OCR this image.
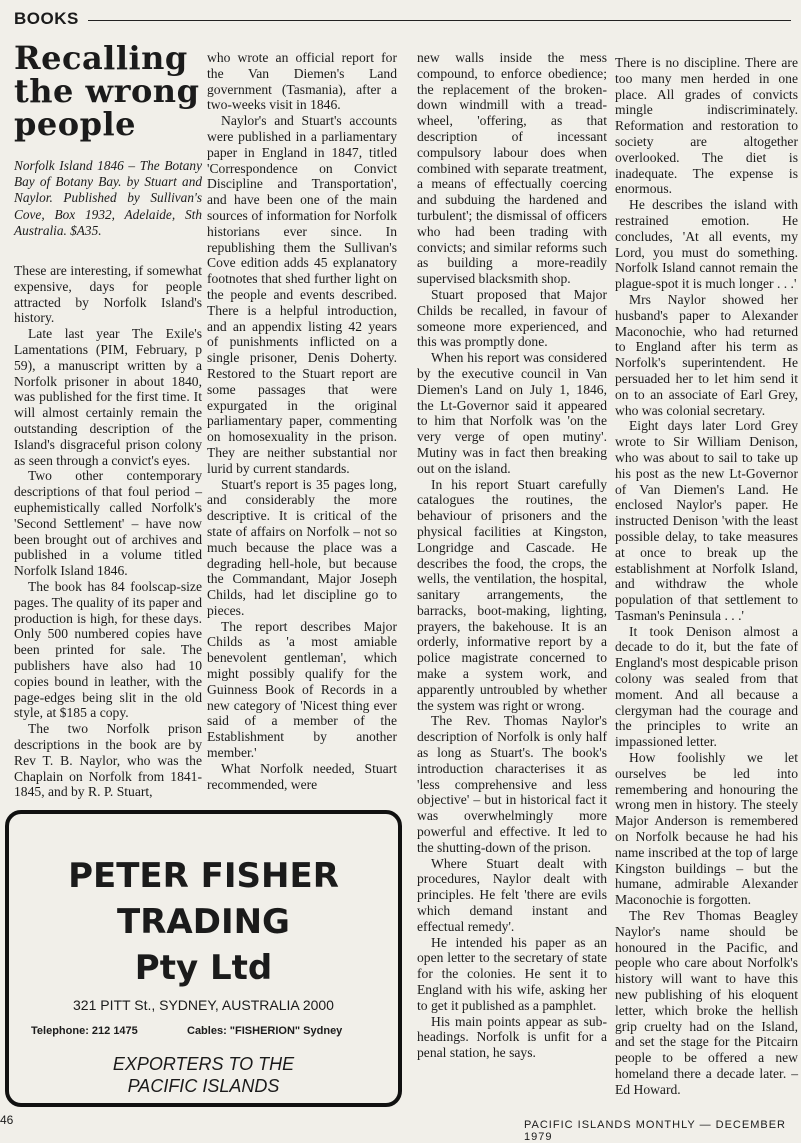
BOOKS
Recalling
the wrong
people
Norfolk Island 1846 – The Botany Bay of Botany Bay. by Stuart and Naylor. Published by Sullivan's Cove, Box 1932, Adelaide, Sth Australia. $A35.

These are interesting, if somewhat expensive, days for people attracted by Norfolk Island's history.

Late last year The Exile's Lamentations (PIM, February, p 59), a manuscript written by a Norfolk prisoner in about 1840, was published for the first time. It will almost certainly remain the outstanding description of the Island's disgraceful prison colony as seen through a convict's eyes.

Two other contemporary descriptions of that foul period – euphemistically called Norfolk's 'Second Settlement' – have now been brought out of archives and published in a volume titled Norfolk Island 1846.

The book has 84 foolscap-size pages. The quality of its paper and production is high, for these days. Only 500 numbered copies have been printed for sale. The publishers have also had 10 copies bound in leather, with the page-edges being slit in the old style, at $185 a copy.

The two Norfolk prison descriptions in the book are by Rev T. B. Naylor, who was the Chaplain on Norfolk from 1841-1845, and by R. P. Stuart,

who wrote an official report for the Van Diemen's Land government (Tasmania), after a two-weeks visit in 1846.

Naylor's and Stuart's accounts were published in a parliamentary paper in England in 1847, titled 'Correspondence on Convict Discipline and Transportation', and have been one of the main sources of information for Norfolk historians ever since. In republishing them the Sullivan's Cove edition adds 45 explanatory footnotes that shed further light on the people and events described. There is a helpful introduction, and an appendix listing 42 years of punishments inflicted on a single prisoner, Denis Doherty. Restored to the Stuart report are some passages that were expurgated in the original parliamentary paper, commenting on homosexuality in the prison. They are neither substantial nor lurid by current standards.

Stuart's report is 35 pages long, and considerably the more descriptive. It is critical of the state of affairs on Norfolk – not so much because the place was a degrading hell-hole, but because the Commandant, Major Joseph Childs, had let discipline go to pieces.

The report describes Major Childs as 'a most amiable benevolent gentleman', which might possibly qualify for the Guinness Book of Records in a new category of 'Nicest thing ever said of a member of the Establishment by another member.'

What Norfolk needed, Stuart recommended, were

new walls inside the mess compound, to enforce obedience; the replacement of the broken-down windmill with a tread-wheel, 'offering, as that description of incessant compulsory labour does when combined with separate treatment, a means of effectually coercing and subduing the hardened and turbulent'; the dismissal of officers who had been trading with convicts; and similar reforms such as building a more-readily supervised blacksmith shop.

Stuart proposed that Major Childs be recalled, in favour of someone more experienced, and this was promptly done.

When his report was considered by the executive council in Van Diemen's Land on July 1, 1846, the Lt-Governor said it appeared to him that Norfolk was 'on the very verge of open mutiny'. Mutiny was in fact then breaking out on the island.

In his report Stuart carefully catalogues the routines, the behaviour of prisoners and the physical facilities at Kingston, Longridge and Cascade. He describes the food, the crops, the wells, the ventilation, the hospital, sanitary arrangements, the barracks, boot-making, lighting, prayers, the bakehouse. It is an orderly, informative report by a police magistrate concerned to make a system work, and apparently untroubled by whether the system was right or wrong.

The Rev. Thomas Naylor's description of Norfolk is only half as long as Stuart's. The book's introduction characterises it as 'less comprehensive and less objective' – but in historical fact it was overwhelmingly more powerful and effective. It led to the shutting-down of the prison.

Where Stuart dealt with procedures, Naylor dealt with principles. He felt 'there are evils which demand instant and effectual remedy'.

He intended his paper as an open letter to the secretary of state for the colonies. He sent it to England with his wife, asking her to get it published as a pamphlet.

His main points appear as sub-headings. Norfolk is unfit for a penal station, he says.

There is no discipline. There are too many men herded in one place. All grades of convicts mingle indiscriminately. Reformation and restoration to society are altogether overlooked. The diet is inadequate. The expense is enormous.

He describes the island with restrained emotion. He concludes, 'At all events, my Lord, you must do something. Norfolk Island cannot remain the plague-spot it is much longer . . .'

Mrs Naylor showed her husband's paper to Alexander Maconochie, who had returned to England after his term as Norfolk's superintendent. He persuaded her to let him send it on to an associate of Earl Grey, who was colonial secretary.

Eight days later Lord Grey wrote to Sir William Denison, who was about to sail to take up his post as the new Lt-Governor of Van Diemen's Land. He enclosed Naylor's paper. He instructed Denison 'with the least possible delay, to take measures at once to break up the establishment at Norfolk Island, and withdraw the whole population of that settlement to Tasman's Peninsula . . .'

It took Denison almost a decade to do it, but the fate of England's most despicable prison colony was sealed from that moment. And all because a clergyman had the courage and the principles to write an impassioned letter.

How foolishly we let ourselves be led into remembering and honouring the wrong men in history. The steely Major Anderson is remembered on Norfolk because he had his name inscribed at the top of large Kingston buildings – but the humane, admirable Alexander Maconochie is forgotten.

The Rev Thomas Beagley Naylor's name should be honoured in the Pacific, and people who care about Norfolk's history will want to have this new publishing of his eloquent letter, which broke the hellish grip cruelty had on the Island, and set the stage for the Pitcairn people to be offered a new homeland there a decade later. – Ed Howard.

PETER FISHER
TRADING
Pty Ltd
321 PITT St., SYDNEY, AUSTRALIA 2000
Telephone: 212 1475	Cables: "FISHERION" Sydney
EXPORTERS TO THE PACIFIC ISLANDS
46	PACIFIC ISLANDS MONTHLY — DECEMBER 1979
